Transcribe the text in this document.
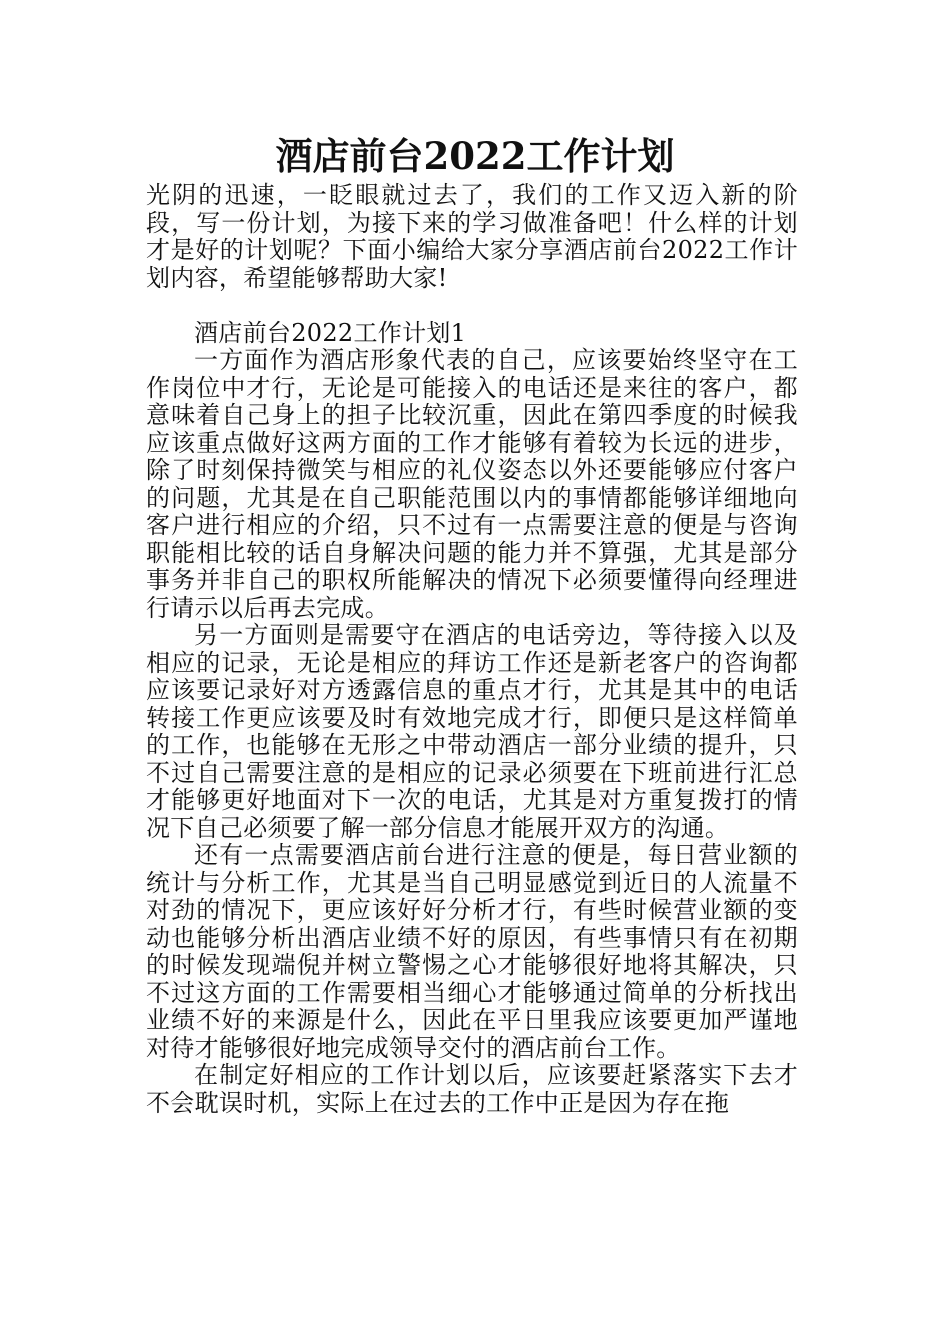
酒店前台2022工作计划

光阴的迅速，一眨眼就过去了，我们的工作又迈入新的阶段，写一份计划，为接下来的学习做准备吧！什么样的计划才是好的计划呢？下面小编给大家分享酒店前台2022工作计划内容，希望能够帮助大家!

酒店前台2022工作计划1

一方面作为酒店形象代表的自己，应该要始终坚守在工作岗位中才行，无论是可能接入的电话还是来往的客户，都意味着自己身上的担子比较沉重，因此在第四季度的时候我应该重点做好这两方面的工作才能够有着较为长远的进步，除了时刻保持微笑与相应的礼仪姿态以外还要能够应付客户的问题，尤其是在自己职能范围以内的事情都能够详细地向客户进行相应的介绍，只不过有一点需要注意的便是与咨询职能相比较的话自身解决问题的能力并不算强，尤其是部分事务并非自己的职权所能解决的情况下必须要懂得向经理进行请示以后再去完成。

另一方面则是需要守在酒店的电话旁边，等待接入以及相应的记录，无论是相应的拜访工作还是新老客户的咨询都应该要记录好对方透露信息的重点才行，尤其是其中的电话转接工作更应该要及时有效地完成才行，即便只是这样简单的工作，也能够在无形之中带动酒店一部分业绩的提升，只不过自己需要注意的是相应的记录必须要在下班前进行汇总才能够更好地面对下一次的电话，尤其是对方重复拨打的情况下自己必须要了解一部分信息才能展开双方的沟通。

还有一点需要酒店前台进行注意的便是，每日营业额的统计与分析工作，尤其是当自己明显感觉到近日的人流量不对劲的情况下，更应该好好分析才行，有些时候营业额的变动也能够分析出酒店业绩不好的原因，有些事情只有在初期的时候发现端倪并树立警惕之心才能够很好地将其解决，只不过这方面的工作需要相当细心才能够通过简单的分析找出业绩不好的来源是什么，因此在平日里我应该要更加严谨地对待才能够很好地完成领导交付的酒店前台工作。

在制定好相应的工作计划以后，应该要赶紧落实下去才不会耽误时机，实际上在过去的工作中正是因为存在拖
